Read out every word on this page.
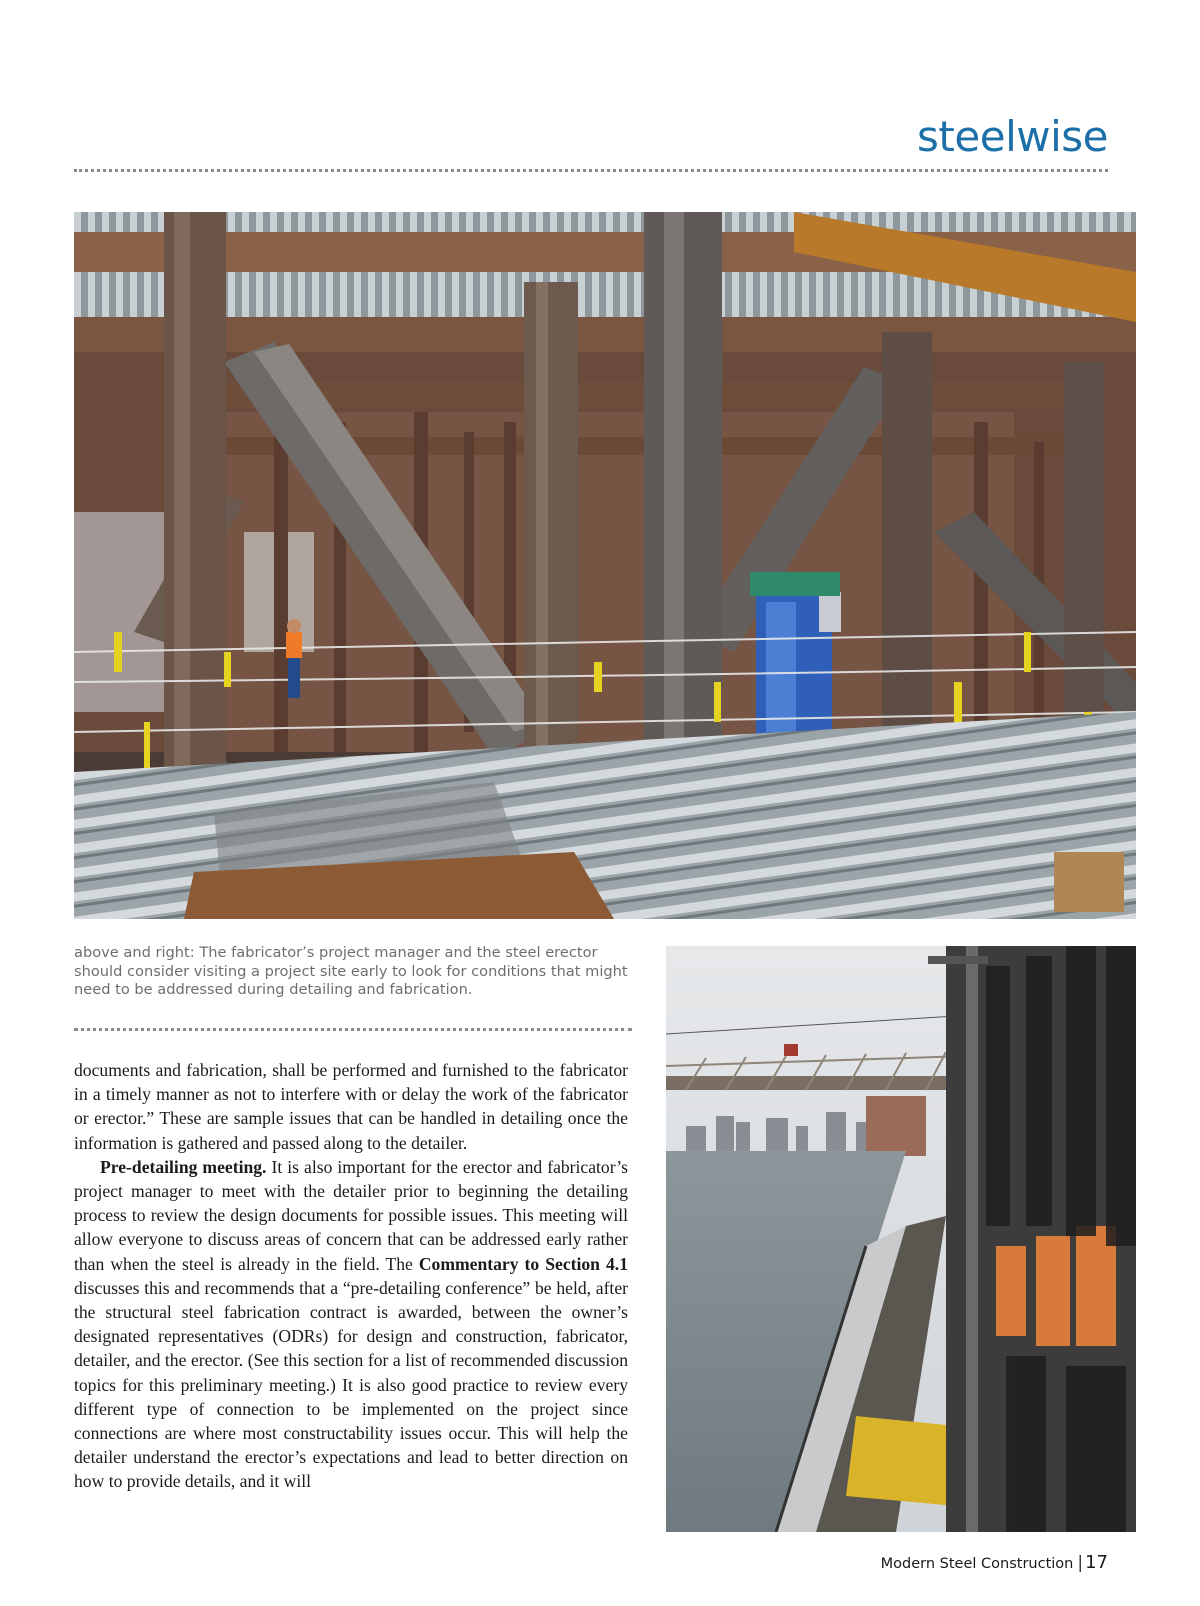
steelwise
above and right: The fabricator’s project manager and the steel erector should consider visiting a project site early to look for conditions that might need to be addressed during detailing and fabrication.

documents and fabrication, shall be performed and furnished to the fabricator in a timely manner as not to interfere with or delay the work of the fabricator or erector.” These are sample issues that can be handled in detailing once the information is gathered and passed along to the detailer.

Pre-detailing meeting. It is also important for the erector and fabricator’s project manager to meet with the detailer prior to beginning the detailing process to review the design documents for possible issues. This meeting will allow everyone to discuss areas of concern that can be addressed early rather than when the steel is already in the field. The Commentary to Section 4.1 discusses this and recommends that a “pre-detailing conference” be held, after the structural steel fabrication contract is awarded, between the owner’s designated representatives (ODRs) for design and construction, fabricator, detailer, and the erector. (See this section for a list of recommended discussion topics for this preliminary meeting.) It is also good practice to review every different type of connection to be implemented on the project since connections are where most constructability issues occur. This will help the detailer understand the erector’s expectations and lead to better direction on how to provide details, and it will

Modern Steel Construction | 17
